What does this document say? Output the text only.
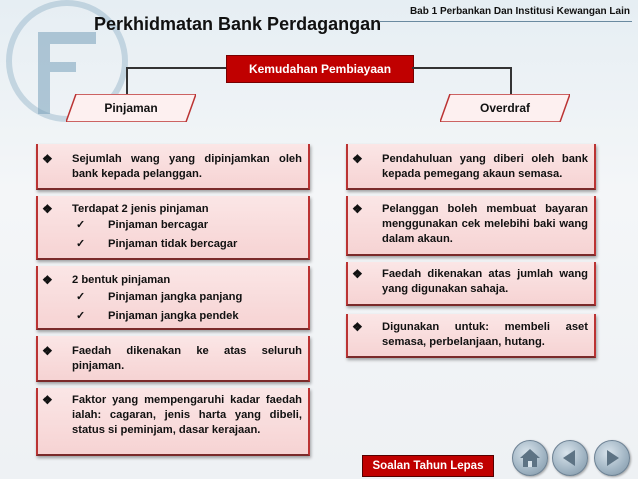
Bab 1 Perbankan Dan Institusi Kewangan Lain
Perkhidmatan Bank Perdagangan
Kemudahan Pembiayaan
Pinjaman	Overdraf
❖	Sejumlah wang yang dipinjamkan oleh bank kepada pelanggan.
❖	Terdapat 2 jenis pinjaman
✓	Pinjaman bercagar
✓	Pinjaman tidak bercagar
❖	2 bentuk pinjaman
✓	Pinjaman jangka panjang
✓	Pinjaman jangka pendek
❖	Faedah dikenakan ke atas seluruh pinjaman.
❖	Faktor yang mempengaruhi kadar faedah ialah: cagaran, jenis harta yang dibeli, status si peminjam, dasar kerajaan.
❖	Pendahuluan yang diberi oleh bank kepada pemegang akaun semasa.
❖	Pelanggan boleh membuat bayaran menggunakan cek melebihi baki wang dalam akaun.
❖	Faedah dikenakan atas jumlah wang yang digunakan sahaja.
❖	Digunakan untuk: membeli aset semasa, perbelanjaan, hutang.
Soalan Tahun Lepas
